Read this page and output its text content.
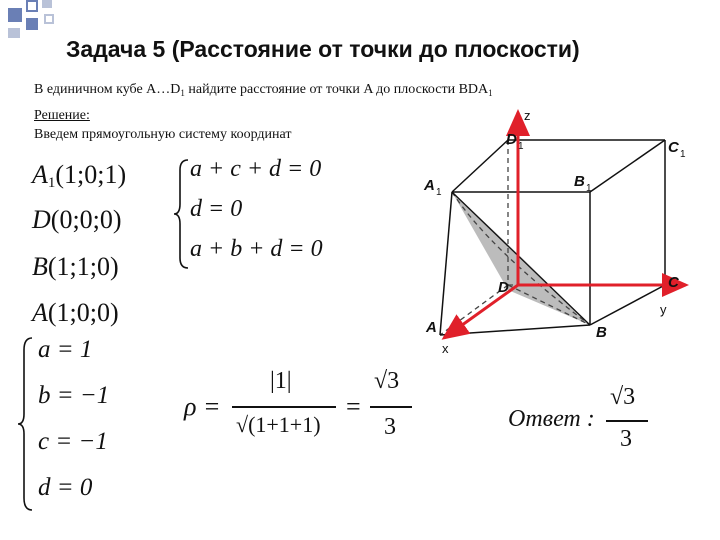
Задача 5 (Расстояние от точки до плоскости)
В единичном кубе $A\dots D_1$ найдите расстояние от точки A до плоскости $BDA_1$
Решение:
Введем прямоугольную систему координат
$A_1(1;0;1)$
D(0;0;0)
B(1;1;0)
A(1;0;0)
a + c + d = 0
d = 0
a + b + d = 0
a = 1
b = −1
c = −1
d = 0
ρ =
|1|
√(1+1+1)
=
√3
3	Ответ :
√3
3
z
y
x
D 1	C 1
A 1
B 1
D	C
A	B
